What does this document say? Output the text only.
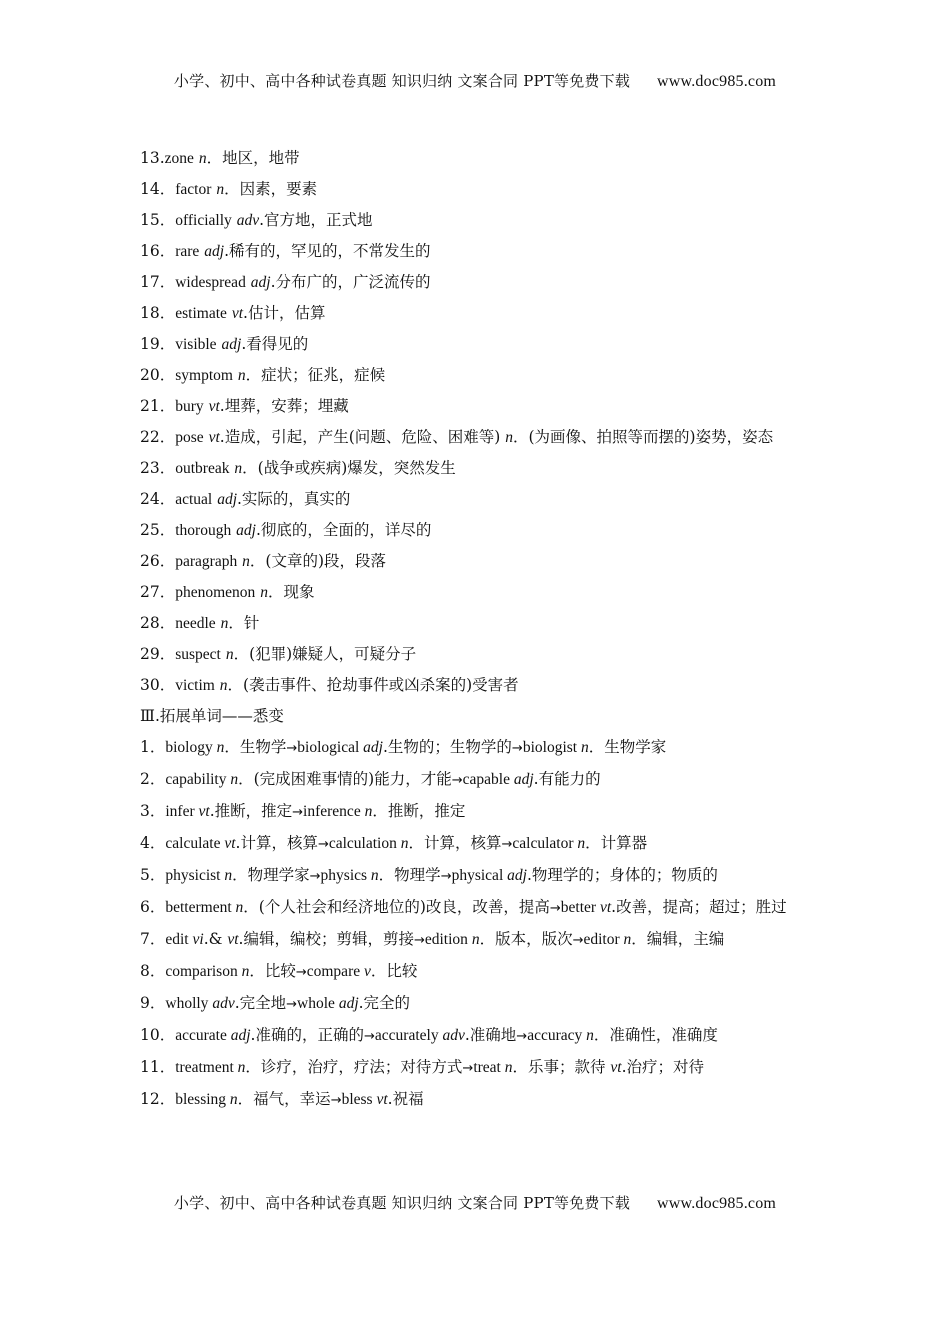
小学、初中、高中各种试卷真题 知识归纳 文案合同 PPT等免费下载 www.doc985.com
13.zone n．地区，地带
14．factor n．因素，要素
15．officially adv.官方地，正式地
16．rare adj.稀有的，罕见的，不常发生的
17．widespread adj.分布广的，广泛流传的
18．estimate vt.估计，估算
19．visible adj.看得见的
20．symptom n．症状；征兆，症候
21．bury vt.埋葬，安葬；埋藏
22．pose vt.造成，引起，产生(问题、危险、困难等) n．(为画像、拍照等而摆的)姿势，姿态
23．outbreak n．(战争或疾病)爆发，突然发生
24．actual adj.实际的，真实的
25．thorough adj.彻底的，全面的，详尽的
26．paragraph n．(文章的)段，段落
27．phenomenon n．现象
28．needle n．针
29．suspect n．(犯罪)嫌疑人，可疑分子
30．victim n．(袭击事件、抢劫事件或凶杀案的)受害者
Ⅲ.拓展单词——悉变
1．biology n．生物学→biological adj.生物的；生物学的→biologist n．生物学家
2．capability n．(完成困难事情的)能力，才能→capable adj.有能力的
3．infer vt.推断，推定→inference n．推断，推定
4．calculate vt.计算，核算→calculation n．计算，核算→calculator n．计算器
5．physicist n．物理学家→physics n．物理学→physical adj.物理学的；身体的；物质的
6．betterment n．(个人社会和经济地位的)改良，改善，提高→better vt.改善，提高；超过；胜过
7．edit vi.& vt.编辑，编校；剪辑，剪接→edition n．版本，版次→editor n．编辑，主编
8．comparison n．比较→compare v．比较
9．wholly adv.完全地→whole adj.完全的
10．accurate adj.准确的，正确的→accurately adv.准确地→accuracy n．准确性，准确度
11．treatment n．诊疗，治疗，疗法；对待方式→treat n．乐事；款待 vt.治疗；对待
12．blessing n．福气，幸运→bless vt.祝福
小学、初中、高中各种试卷真题 知识归纳 文案合同 PPT等免费下载 www.doc985.com
